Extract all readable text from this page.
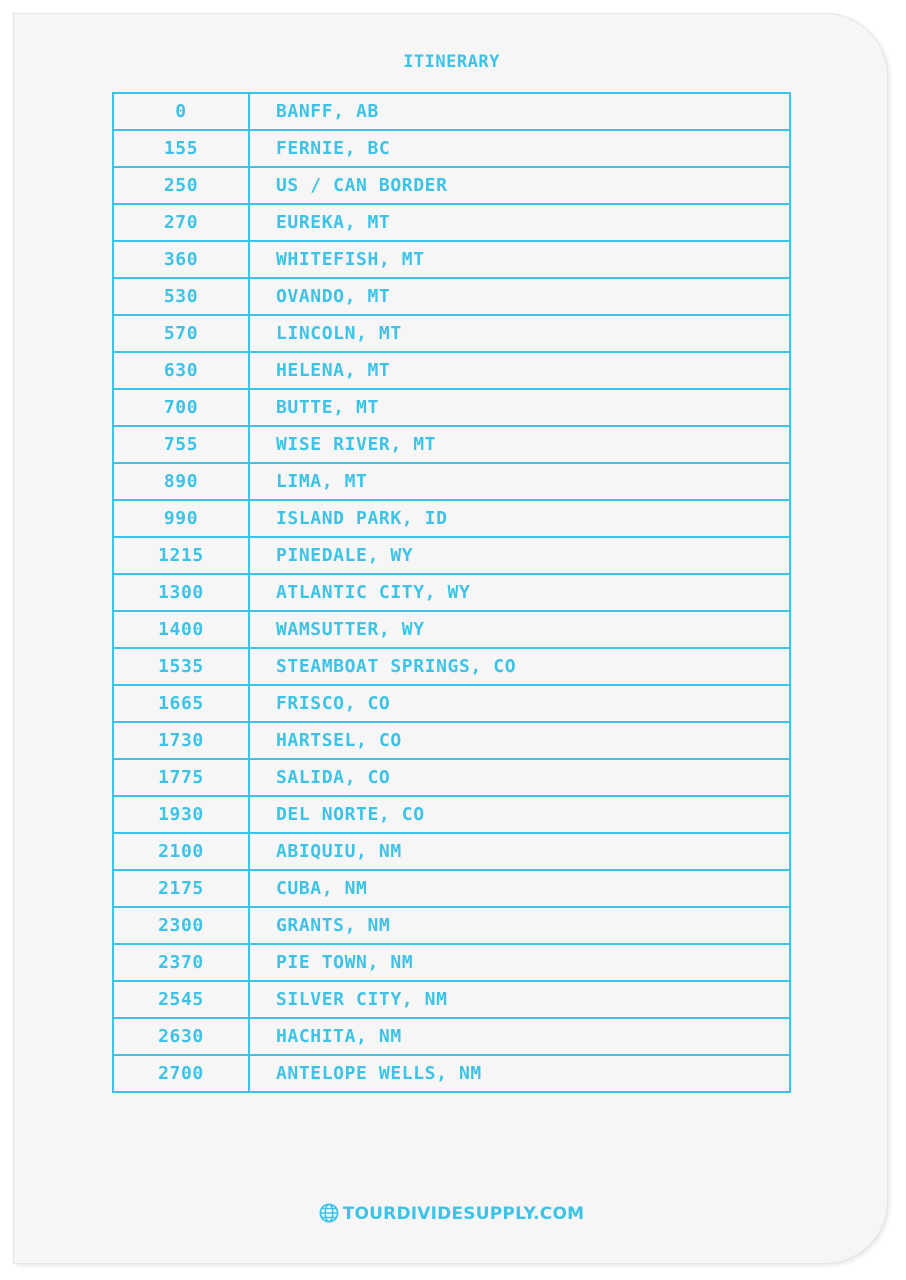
ITINERARY
0	BANFF, AB
155	FERNIE, BC
250	US / CAN BORDER
270	EUREKA, MT
360	WHITEFISH, MT
530	OVANDO, MT
570	LINCOLN, MT
630	HELENA, MT
700	BUTTE, MT
755	WISE RIVER, MT
890	LIMA, MT
990	ISLAND PARK, ID
1215	PINEDALE, WY
1300	ATLANTIC CITY, WY
1400	WAMSUTTER, WY
1535	STEAMBOAT SPRINGS, CO
1665	FRISCO, CO
1730	HARTSEL, CO
1775	SALIDA, CO
1930	DEL NORTE, CO
2100	ABIQUIU, NM
2175	CUBA, NM
2300	GRANTS, NM
2370	PIE TOWN, NM
2545	SILVER CITY, NM
2630	HACHITA, NM
2700	ANTELOPE WELLS, NM
TOURDIVIDESUPPLY.COM
